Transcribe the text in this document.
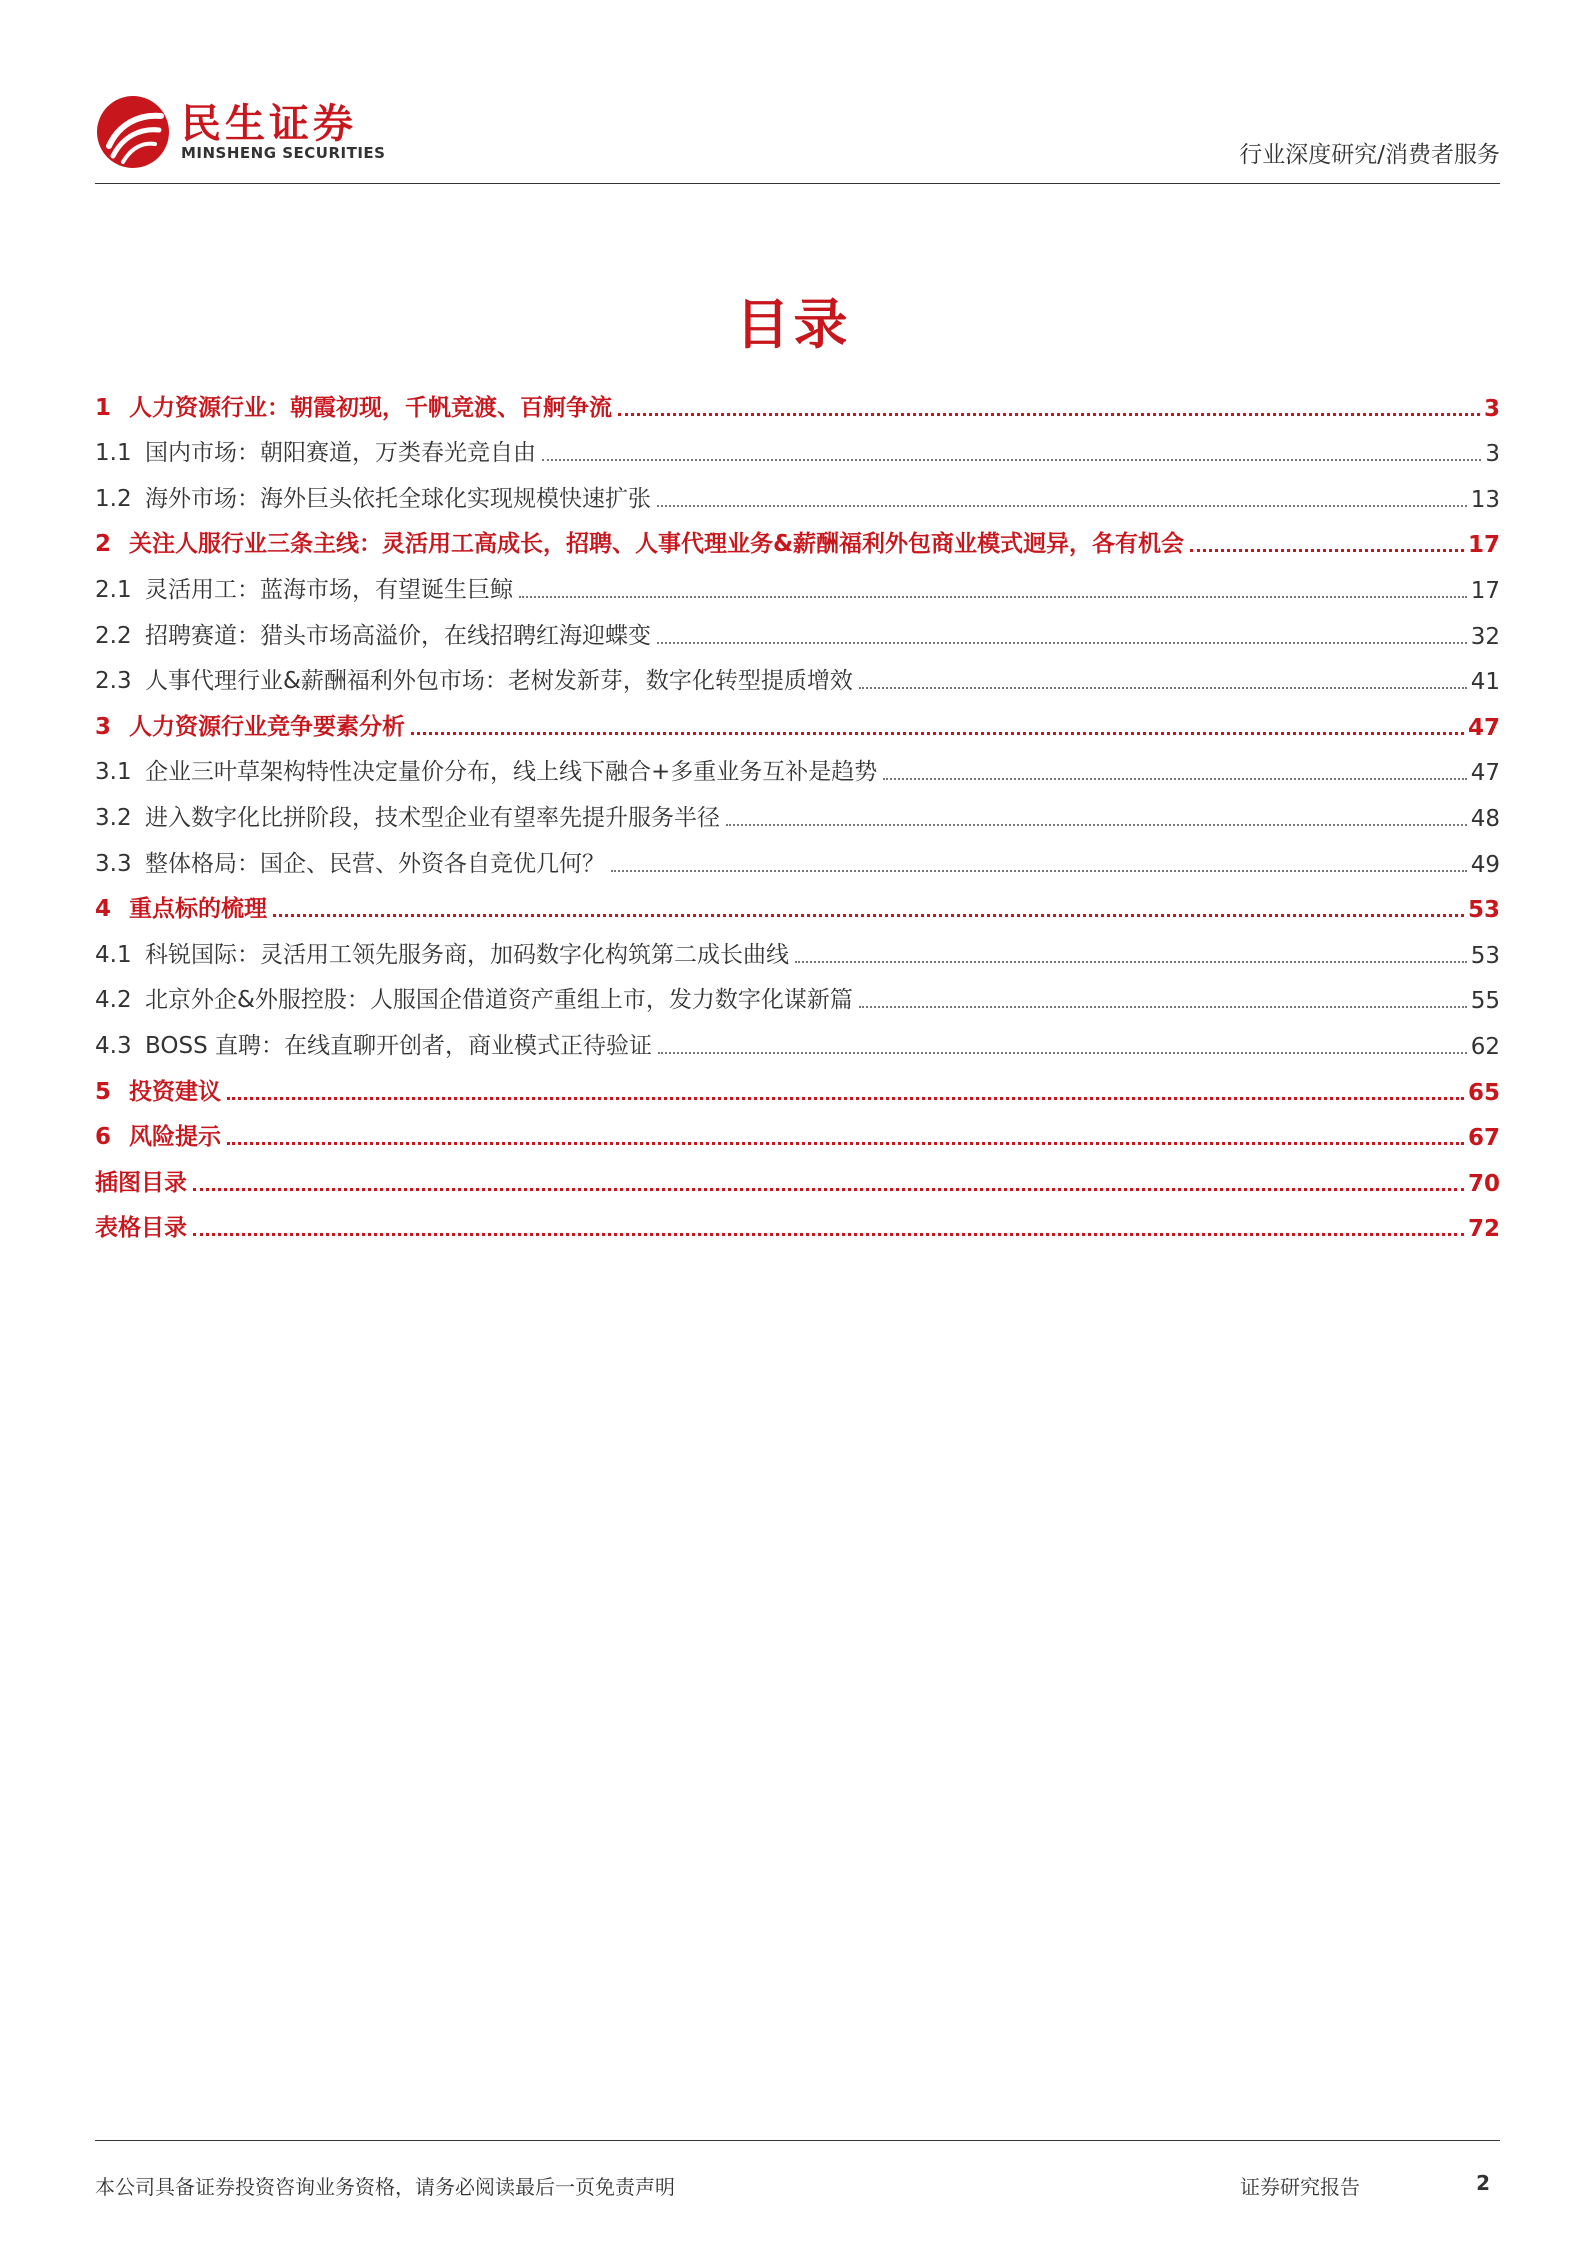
民生证券
MINSHENG SECURITIES	行业深度研究/消费者服务
目录
1 人力资源行业：朝霞初现，千帆竞渡、百舸争流	3
1.1 国内市场：朝阳赛道，万类春光竞自由	3
1.2 海外市场：海外巨头依托全球化实现规模快速扩张	13
2 关注人服行业三条主线：灵活用工高成长，招聘、人事代理业务&薪酬福利外包商业模式迥异，各有机会	17
2.1 灵活用工：蓝海市场，有望诞生巨鲸	17
2.2 招聘赛道：猎头市场高溢价，在线招聘红海迎蝶变	32
2.3 人事代理行业&薪酬福利外包市场：老树发新芽，数字化转型提质增效	41
3 人力资源行业竞争要素分析	47
3.1 企业三叶草架构特性决定量价分布，线上线下融合+多重业务互补是趋势	47
3.2 进入数字化比拼阶段，技术型企业有望率先提升服务半径	48
3.3 整体格局：国企、民营、外资各自竞优几何？	49
4 重点标的梳理	53
4.1 科锐国际：灵活用工领先服务商，加码数字化构筑第二成长曲线	53
4.2 北京外企&外服控股：人服国企借道资产重组上市，发力数字化谋新篇	55
4.3 BOSS 直聘：在线直聊开创者，商业模式正待验证	62
5 投资建议	65
6 风险提示	67
插图目录	70
表格目录	72
本公司具备证券投资咨询业务资格，请务必阅读最后一页免责声明	证券研究报告	2
